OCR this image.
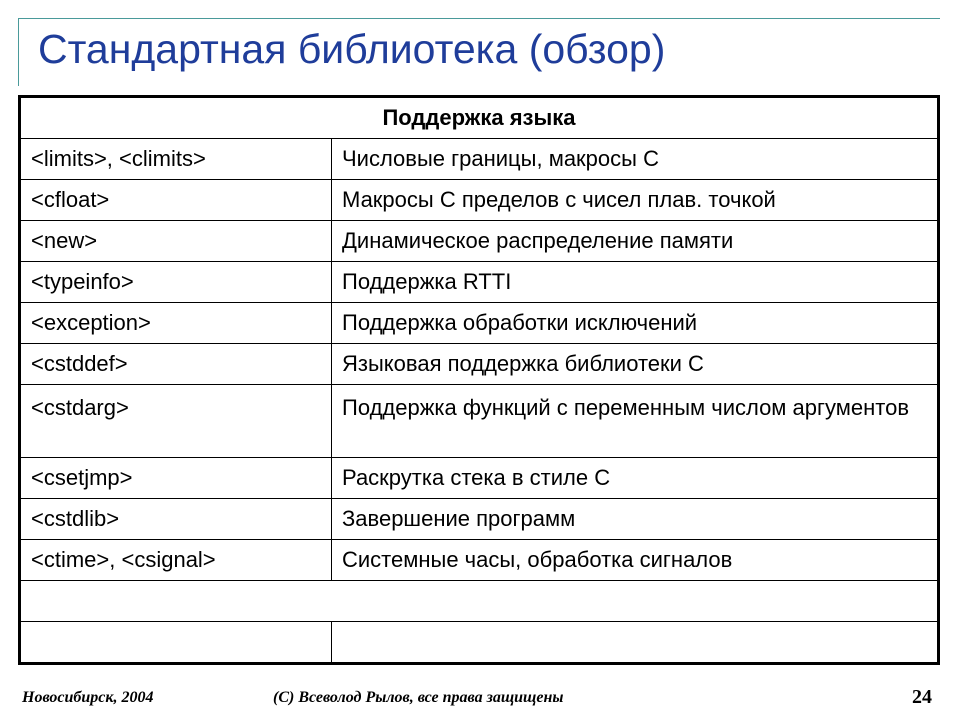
Стандартная библиотека (обзор)
Поддержка языка	
<limits>, <climits>	Числовые границы, макросы C
<cfloat>	Макросы C пределов с чисел плав. точкой
<new>	Динамическое распределение памяти
<typeinfo>	Поддержка RTTI
<exception>	Поддержка обработки исключений
<cstddef>	Языковая поддержка библиотеки C
<cstdarg>	Поддержка функций с переменным числом аргументов
<csetjmp>	Раскрутка стека в стиле C
<cstdlib>	Завершение программ
<ctime>, <csignal>	Системные часы, обработка сигналов

Новосибирск, 2004	(С) Всеволод Рылов, все права защищены	24
